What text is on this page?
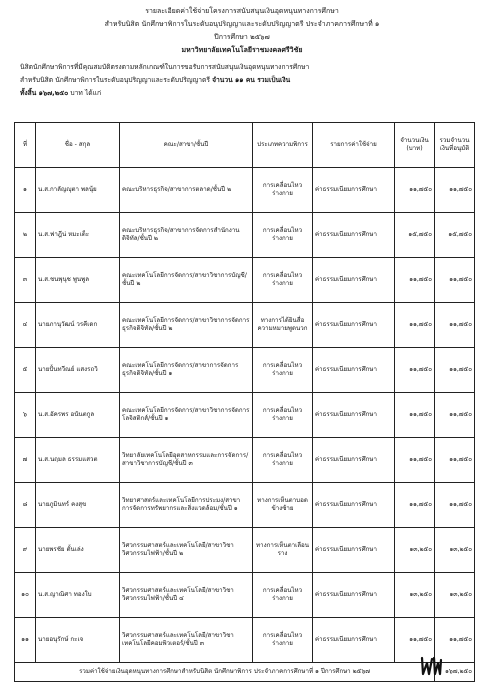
รายละเอียดค่าใช้จ่ายโครงการสนับสนุนเงินอุดหนุนทางการศึกษา
สำหรับนิสิต นักศึกษาพิการในระดับอนุปริญญาและระดับปริญญาตรี ประจำภาคการศึกษาที่ ๑
ปีการศึกษา ๒๕๖๗
มหาวิทยาลัยเทคโนโลยีราชมงคลศรีวิชัย
นิสิตนักศึกษาพิการที่มีคุณสมบัติตรงตามหลักเกณฑ์ในการขอรับการสนับสนุนเงินอุดหนุนทางการศึกษา
สำหรับนิสิต นักศึกษาพิการในระดับอนุปริญญาและระดับปริญญาตรี จำนวน ๑๑ คน รวมเป็นเงิน
ทั้งสิ้น ๑๖๗,๒๕๐ บาท ได้แก่
ที่	ชื่อ - สกุล	คณะ/สาขา/ชั้นปี	ประเภทความพิการ	รายการค่าใช้จ่าย	จำนวนเงิน (บาท)	รวมจำนวนเงินที่อนุมัติ
๑	น.ส.กาลัญญุตา พลนุ้ย	คณะบริหารธุรกิจ/สาขาการตลาด/ชั้นปี ๒	การเคลื่อนไหวร่างกาย	ค่าธรรมเนียมการศึกษา	๑๑,๗๕๐	๑๑,๗๕๐
๒	น.ส.ฟาฎีน่ หมะเด็ะ	คณะบริหารธุรกิจ/สาขาการจัดการสำนักงานดิจิทัล/ชั้นปี ๒	การเคลื่อนไหวร่างกาย	ค่าธรรมเนียมการศึกษา	๑๕,๗๕๐	๑๕,๗๕๐
๓	น.ส.ชนพุนุช พูนพูล	คณะเทคโนโลยีการจัดการ/สาขาวิชาการบัญชี/ชั้นปี ๒	การเคลื่อนไหวร่างกาย	ค่าธรรมเนียมการศึกษา	๑๑,๗๕๐	๑๑,๗๕๐
๔	นายภานุวัฒน์ วรคีเดก	คณะเทคโนโลยีการจัดการ/สาขาวิชาการจัดการธุรกิจดิจิทัล/ชั้นปี ๒	ทางการได้ยินสื่อความหมายพูดนวก	ค่าธรรมเนียมการศึกษา	๑๑,๗๕๐	๑๑,๗๕๐
๕	นายปั้นทวีณย์ แสงรถวิ	คณะเทคโนโลยีการจัดการ/สาขาการจัดการธุรกิจดิจิทัล/ชั้นปี ๑	การเคลื่อนไหวร่างกาย	ค่าธรรมเนียมการศึกษา	๑๑,๗๕๐	๑๑,๗๕๐
๖	น.ส.อัครพร อนันตกูล	คณะเทคโนโลยีการจัดการ/สาขาวิชาการจัดการโลจิสติกส์/ชั้นปี ๑	การเคลื่อนไหวร่างกาย	ค่าธรรมเนียมการศึกษา	๑๑,๗๕๐	๑๑,๗๕๐
๗	น.ส.นฤมล ธรรมแสวต	วิทยาลัยเทคโนโลยีอุตสาหกรรมและการจัดการ/สาขาวิชาการบัญชี/ชั้นปี ๓	การเคลื่อนไหวร่างกาย	ค่าธรรมเนียมการศึกษา	๑๑,๗๕๐	๑๑,๗๕๐
๘	นายภูมินทร์ คงสุข	วิทยาศาสตร์และเทคโนโลยีการประมง/สาขาการจัดการทรัพยากรและสิ่งแวดล้อม/ชั้นปี ๑	ทางการเห็นตาบอดข้างซ้าย	ค่าธรรมเนียมการศึกษา	๑๑,๗๕๐	๑๑,๗๕๐
๙	นายพรชัย ตั้นเล่ง	วิศวกรรมศาสตร์และเทคโนโลยี/สาขาวิชาวิศวกรรมไฟฟ้า/ชั้นปี ๒	ทางการเห็นตาเลือนราง	ค่าธรรมเนียมการศึกษา	๑๓,๒๕๐	๑๓,๒๕๐
๑๐	น.ส.ญาณิศา ทองใบ	วิศวกรรมศาสตร์และเทคโนโลยี/สาขาวิชาวิศวกรรมไฟฟ้า/ชั้นปี ๔	การเคลื่อนไหวร่างกาย	ค่าธรรมเนียมการศึกษา	๑๓,๒๕๐	๑๓,๒๕๐
๑๑	นายอนุรักษ์ กะเจ	วิศวกรรมศาสตร์และเทคโนโลยี/สาขาวิชาเทคโนโลยีคอมพิวเตอร์/ชั้นปี ๓	การเคลื่อนไหวร่างกาย	ค่าธรรมเนียมการศึกษา	๑๑,๗๕๐	๑๑,๗๕๐
รวมค่าใช้จ่ายเงินอุดหนุนทางการศึกษาสำหรับนิสิต นักศึกษาพิการ ประจำภาคการศึกษาที่ ๑ ปีการศึกษา ๒๕๖๗						๑๖๗,๒๕๐
